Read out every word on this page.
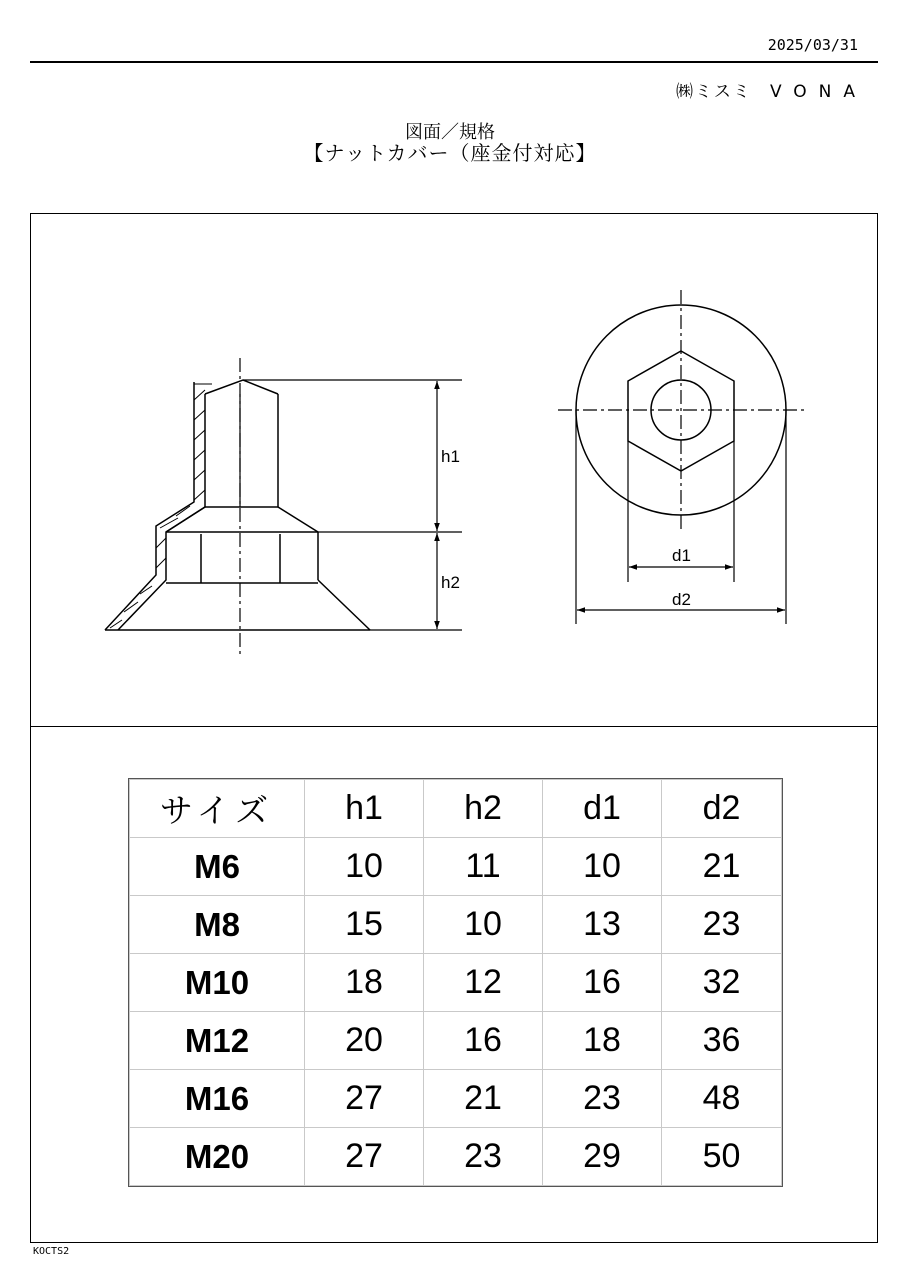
2025/03/31
㈱ミスミ VONA
図面／規格
【ナットカバー（座金付対応】
h1
h2
d1
d2
サイズ	h1	h2	d1	d2
M6	10	11	10	21
M8	15	10	13	23
M10	18	12	16	32
M12	20	16	18	36
M16	27	21	23	48
M20	27	23	29	50
KOCTS2
